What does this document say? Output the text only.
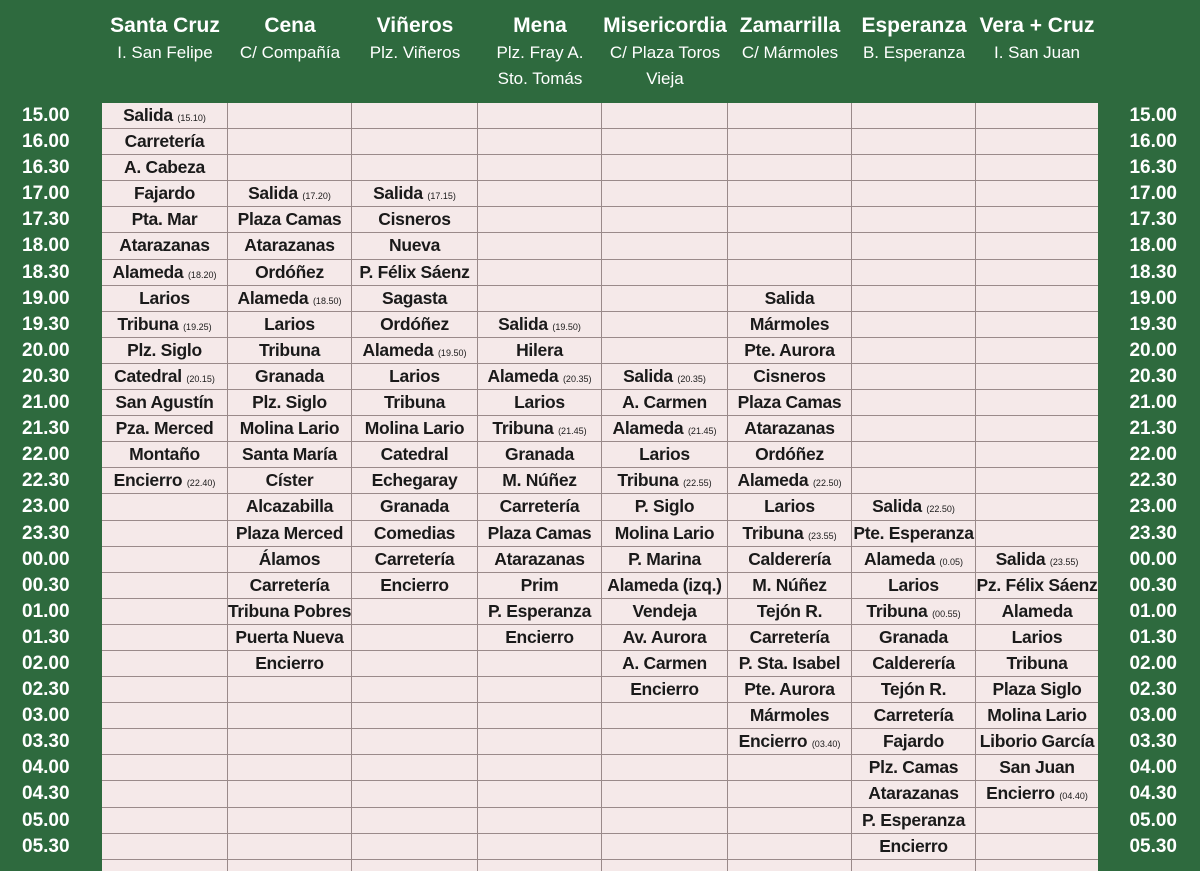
Santa Cruz
I. San Felipe
Cena
C/ Compañía
Viñeros
Plz. Viñeros
Mena
Plz. Fray A.
Sto. Tomás
Misericordia
C/ Plaza Toros
Vieja
Zamarrilla
C/ Mármoles
Esperanza
B. Esperanza
Vera + Cruz
I. San Juan
15.00
16.00
16.30
17.00
17.30
18.00
18.30
19.00
19.30
20.00
20.30
21.00
21.30
22.00
22.30
23.00
23.30
00.00
00.30
01.00
01.30
02.00
02.30
03.00
03.30
04.00
04.30
05.00
05.30
Salida (15.10)
Carretería
A. Cabeza
Fajardo
Pta. Mar
Atarazanas
Alameda (18.20)
Larios
Tribuna (19.25)
Plz. Siglo
Catedral (20.15)
San Agustín
Pza. Merced
Montaño
Encierro (22.40)
Salida (17.20)
Plaza Camas
Atarazanas
Ordóñez
Alameda (18.50)
Larios
Tribuna
Granada
Plz. Siglo
Molina Lario
Santa María
Císter
Alcazabilla
Plaza Merced
Álamos
Carretería
Tribuna Pobres
Puerta Nueva
Encierro
Salida (17.15)
Cisneros
Nueva
P. Félix Sáenz
Sagasta
Ordóñez
Alameda (19.50)
Larios
Tribuna
Molina Lario
Catedral
Echegaray
Granada
Comedias
Carretería
Encierro
Salida (19.50)
Hilera
Alameda (20.35)
Larios
Tribuna (21.45)
Granada
M. Núñez
Carretería
Plaza Camas
Atarazanas
Prim
P. Esperanza
Encierro
Salida (20.35)
A. Carmen
Alameda (21.45)
Larios
Tribuna (22.55)
P. Siglo
Molina Lario
P. Marina
Alameda (izq.)
Vendeja
Av. Aurora
A. Carmen
Encierro
Salida
Mármoles
Pte. Aurora
Cisneros
Plaza Camas
Atarazanas
Ordóñez
Alameda (22.50)
Larios
Tribuna (23.55)
Calderería
M. Núñez
Tejón R.
Carretería
P. Sta. Isabel
Pte. Aurora
Mármoles
Encierro (03.40)
Salida (22.50)
Pte. Esperanza
Alameda (0.05)
Larios
Tribuna (00.55)
Granada
Calderería
Tejón R.
Carretería
Fajardo
Plz. Camas
Atarazanas
P. Esperanza
Encierro
Salida (23.55)
Pz. Félix Sáenz
Alameda
Larios
Tribuna
Plaza Siglo
Molina Lario
Liborio García
San Juan
Encierro (04.40)
15.00
16.00
16.30
17.00
17.30
18.00
18.30
19.00
19.30
20.00
20.30
21.00
21.30
22.00
22.30
23.00
23.30
00.00
00.30
01.00
01.30
02.00
02.30
03.00
03.30
04.00
04.30
05.00
05.30
